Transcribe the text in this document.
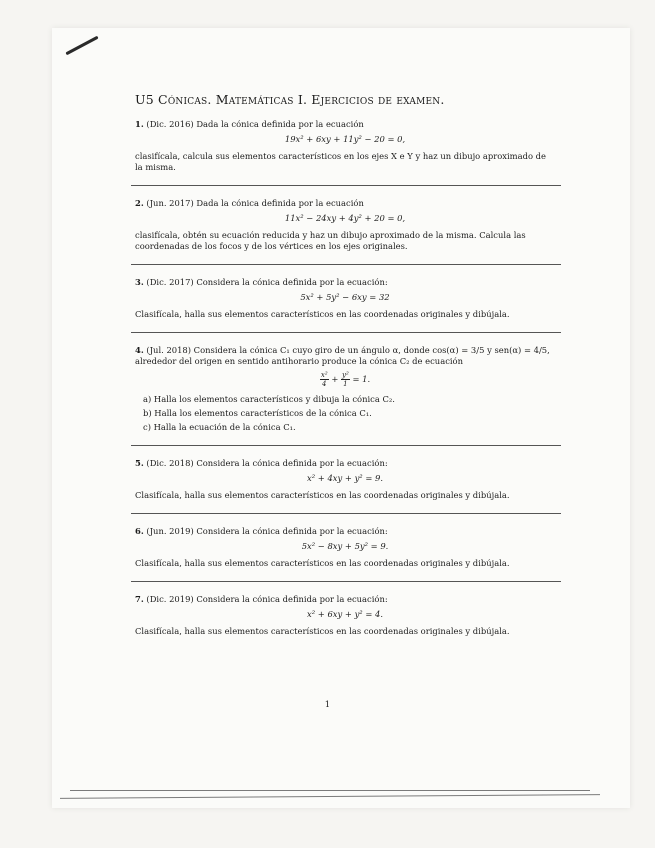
U5 Cónicas. Matemáticas I. Ejercicios de examen.

1. (Dic. 2016) Dada la cónica definida por la ecuación

19x² + 6xy + 11y² − 20 = 0,

clasifícala, calcula sus elementos característicos en los ejes X e Y y haz un dibujo aproximado de la misma.

2. (Jun. 2017) Dada la cónica definida por la ecuación

11x² − 24xy + 4y² + 20 = 0,

clasifícala, obtén su ecuación reducida y haz un dibujo aproximado de la misma. Calcula las coordenadas de los focos y de los vértices en los ejes originales.

3. (Dic. 2017) Considera la cónica definida por la ecuación:

5x² + 5y² − 6xy = 32

Clasifícala, halla sus elementos característicos en las coordenadas originales y dibújala.

4. (Jul. 2018) Considera la cónica C₁ cuyo giro de un ángulo α, donde cos(α) = 3/5 y sen(α) = 4/5, alrededor del origen en sentido antihorario produce la cónica C₂ de ecuación

$\frac{\text{x²}}{4} + \frac{\text{y²}}{1} = 1$.
a) Halla los elementos característicos y dibuja la cónica C₂.
b) Halla los elementos característicos de la cónica C₁.
c) Halla la ecuación de la cónica C₁.

5. (Dic. 2018) Considera la cónica definida por la ecuación:

x² + 4xy + y² = 9.

Clasifícala, halla sus elementos característicos en las coordenadas originales y dibújala.

6. (Jun. 2019) Considera la cónica definida por la ecuación:

5x² − 8xy + 5y² = 9.

Clasifícala, halla sus elementos característicos en las coordenadas originales y dibújala.

7. (Dic. 2019) Considera la cónica definida por la ecuación:

x² + 6xy + y² = 4.

Clasifícala, halla sus elementos característicos en las coordenadas originales y dibújala.

1
